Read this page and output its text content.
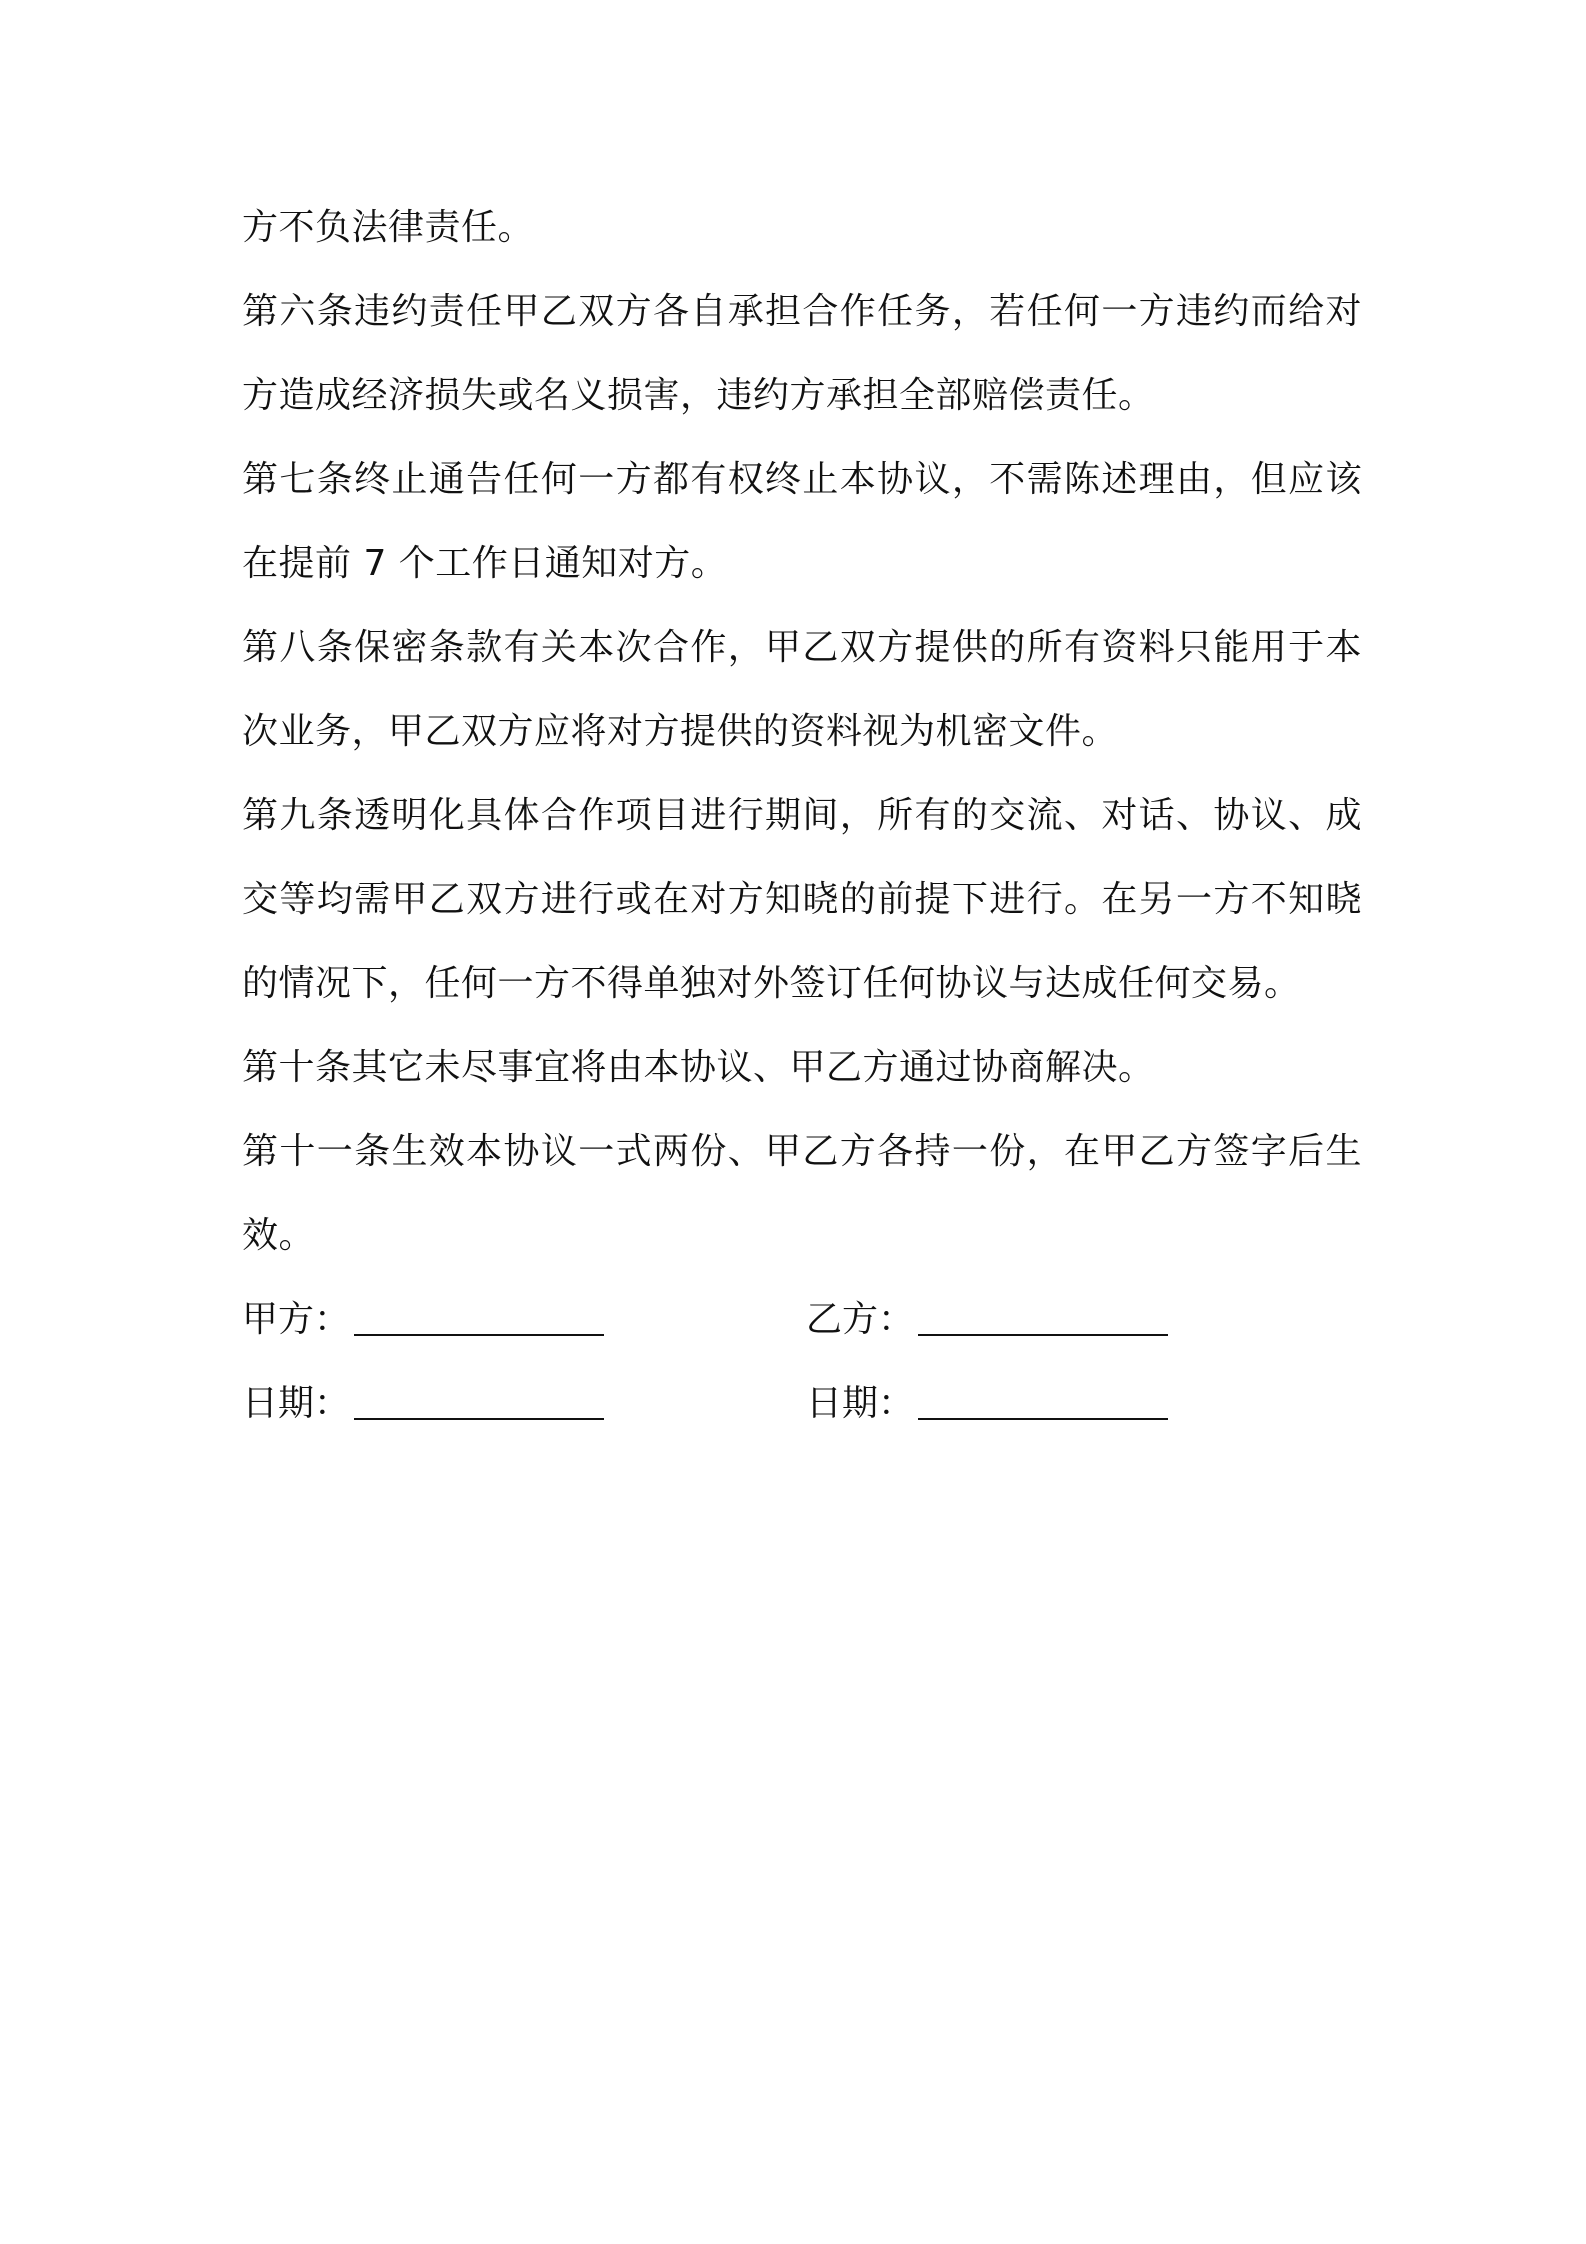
方不负法律责任。
第六条违约责任甲乙双方各自承担合作任务，若任何一方违约而给对
方造成经济损失或名义损害，违约方承担全部赔偿责任。
第七条终止通告任何一方都有权终止本协议，不需陈述理由，但应该
在提前 7 个工作日通知对方。
第八条保密条款有关本次合作，甲乙双方提供的所有资料只能用于本
次业务，甲乙双方应将对方提供的资料视为机密文件。
第九条透明化具体合作项目进行期间，所有的交流、对话、协议、成
交等均需甲乙双方进行或在对方知晓的前提下进行。在另一方不知晓
的情况下，任何一方不得单独对外签订任何协议与达成任何交易。
第十条其它未尽事宜将由本协议、甲乙方通过协商解决。
第十一条生效本协议一式两份、甲乙方各持一份，在甲乙方签字后生
效。
甲方：	乙方：
日期：	日期：
